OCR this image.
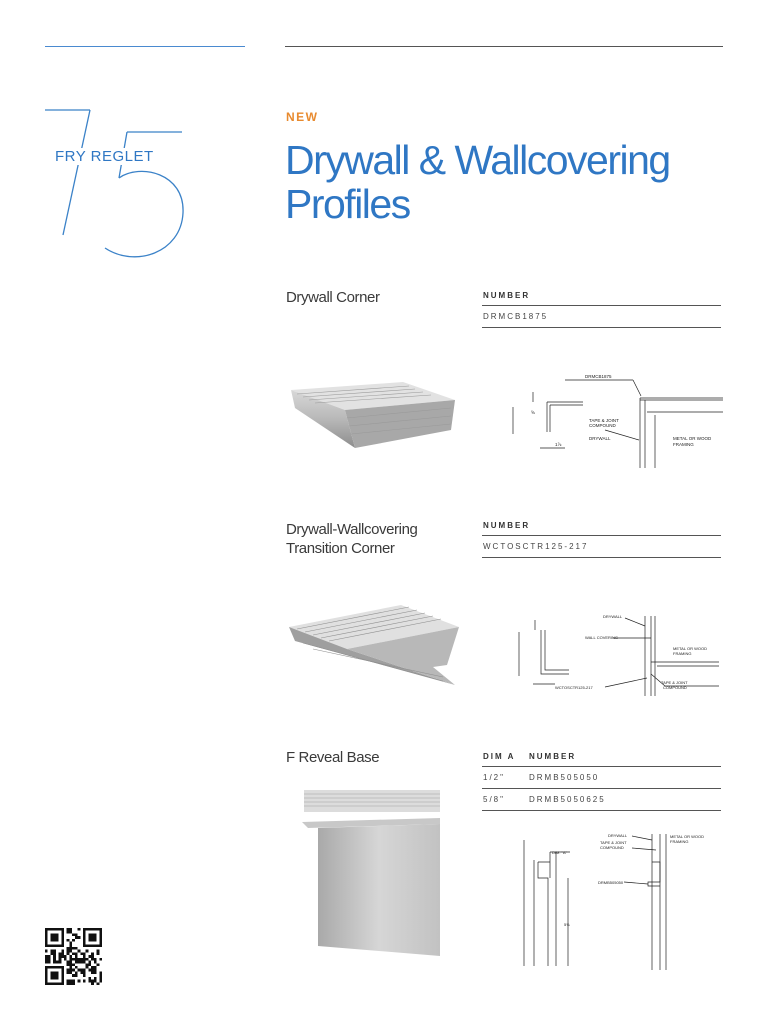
FRY REGLET
NEW
Drywall & Wallcovering
Profiles
Drywall Corner	NUMBER
DRMCB1875
DRMCB1875
TAPE & JOINT
COMPOUND
DRYWALL	METAL OR WOOD
FRAMING
⅝
1⅞
Drywall-Wallcovering
Transition Corner
NUMBER
WCTOSCTR125-217
DRYWALL
WALL COVERING
METAL OR WOOD
FRAMING
WCTOSCTR125-217
TAPE & JOINT
COMPOUND
F Reveal Base	DIM A	NUMBER
1/2"	DRMB505050
5/8"	DRMB5050625
DIM. "A"
DRYWALL
TAPE & JOINT
COMPOUND
METAL OR WOOD
FRAMING
DRMB505050
5⅝
